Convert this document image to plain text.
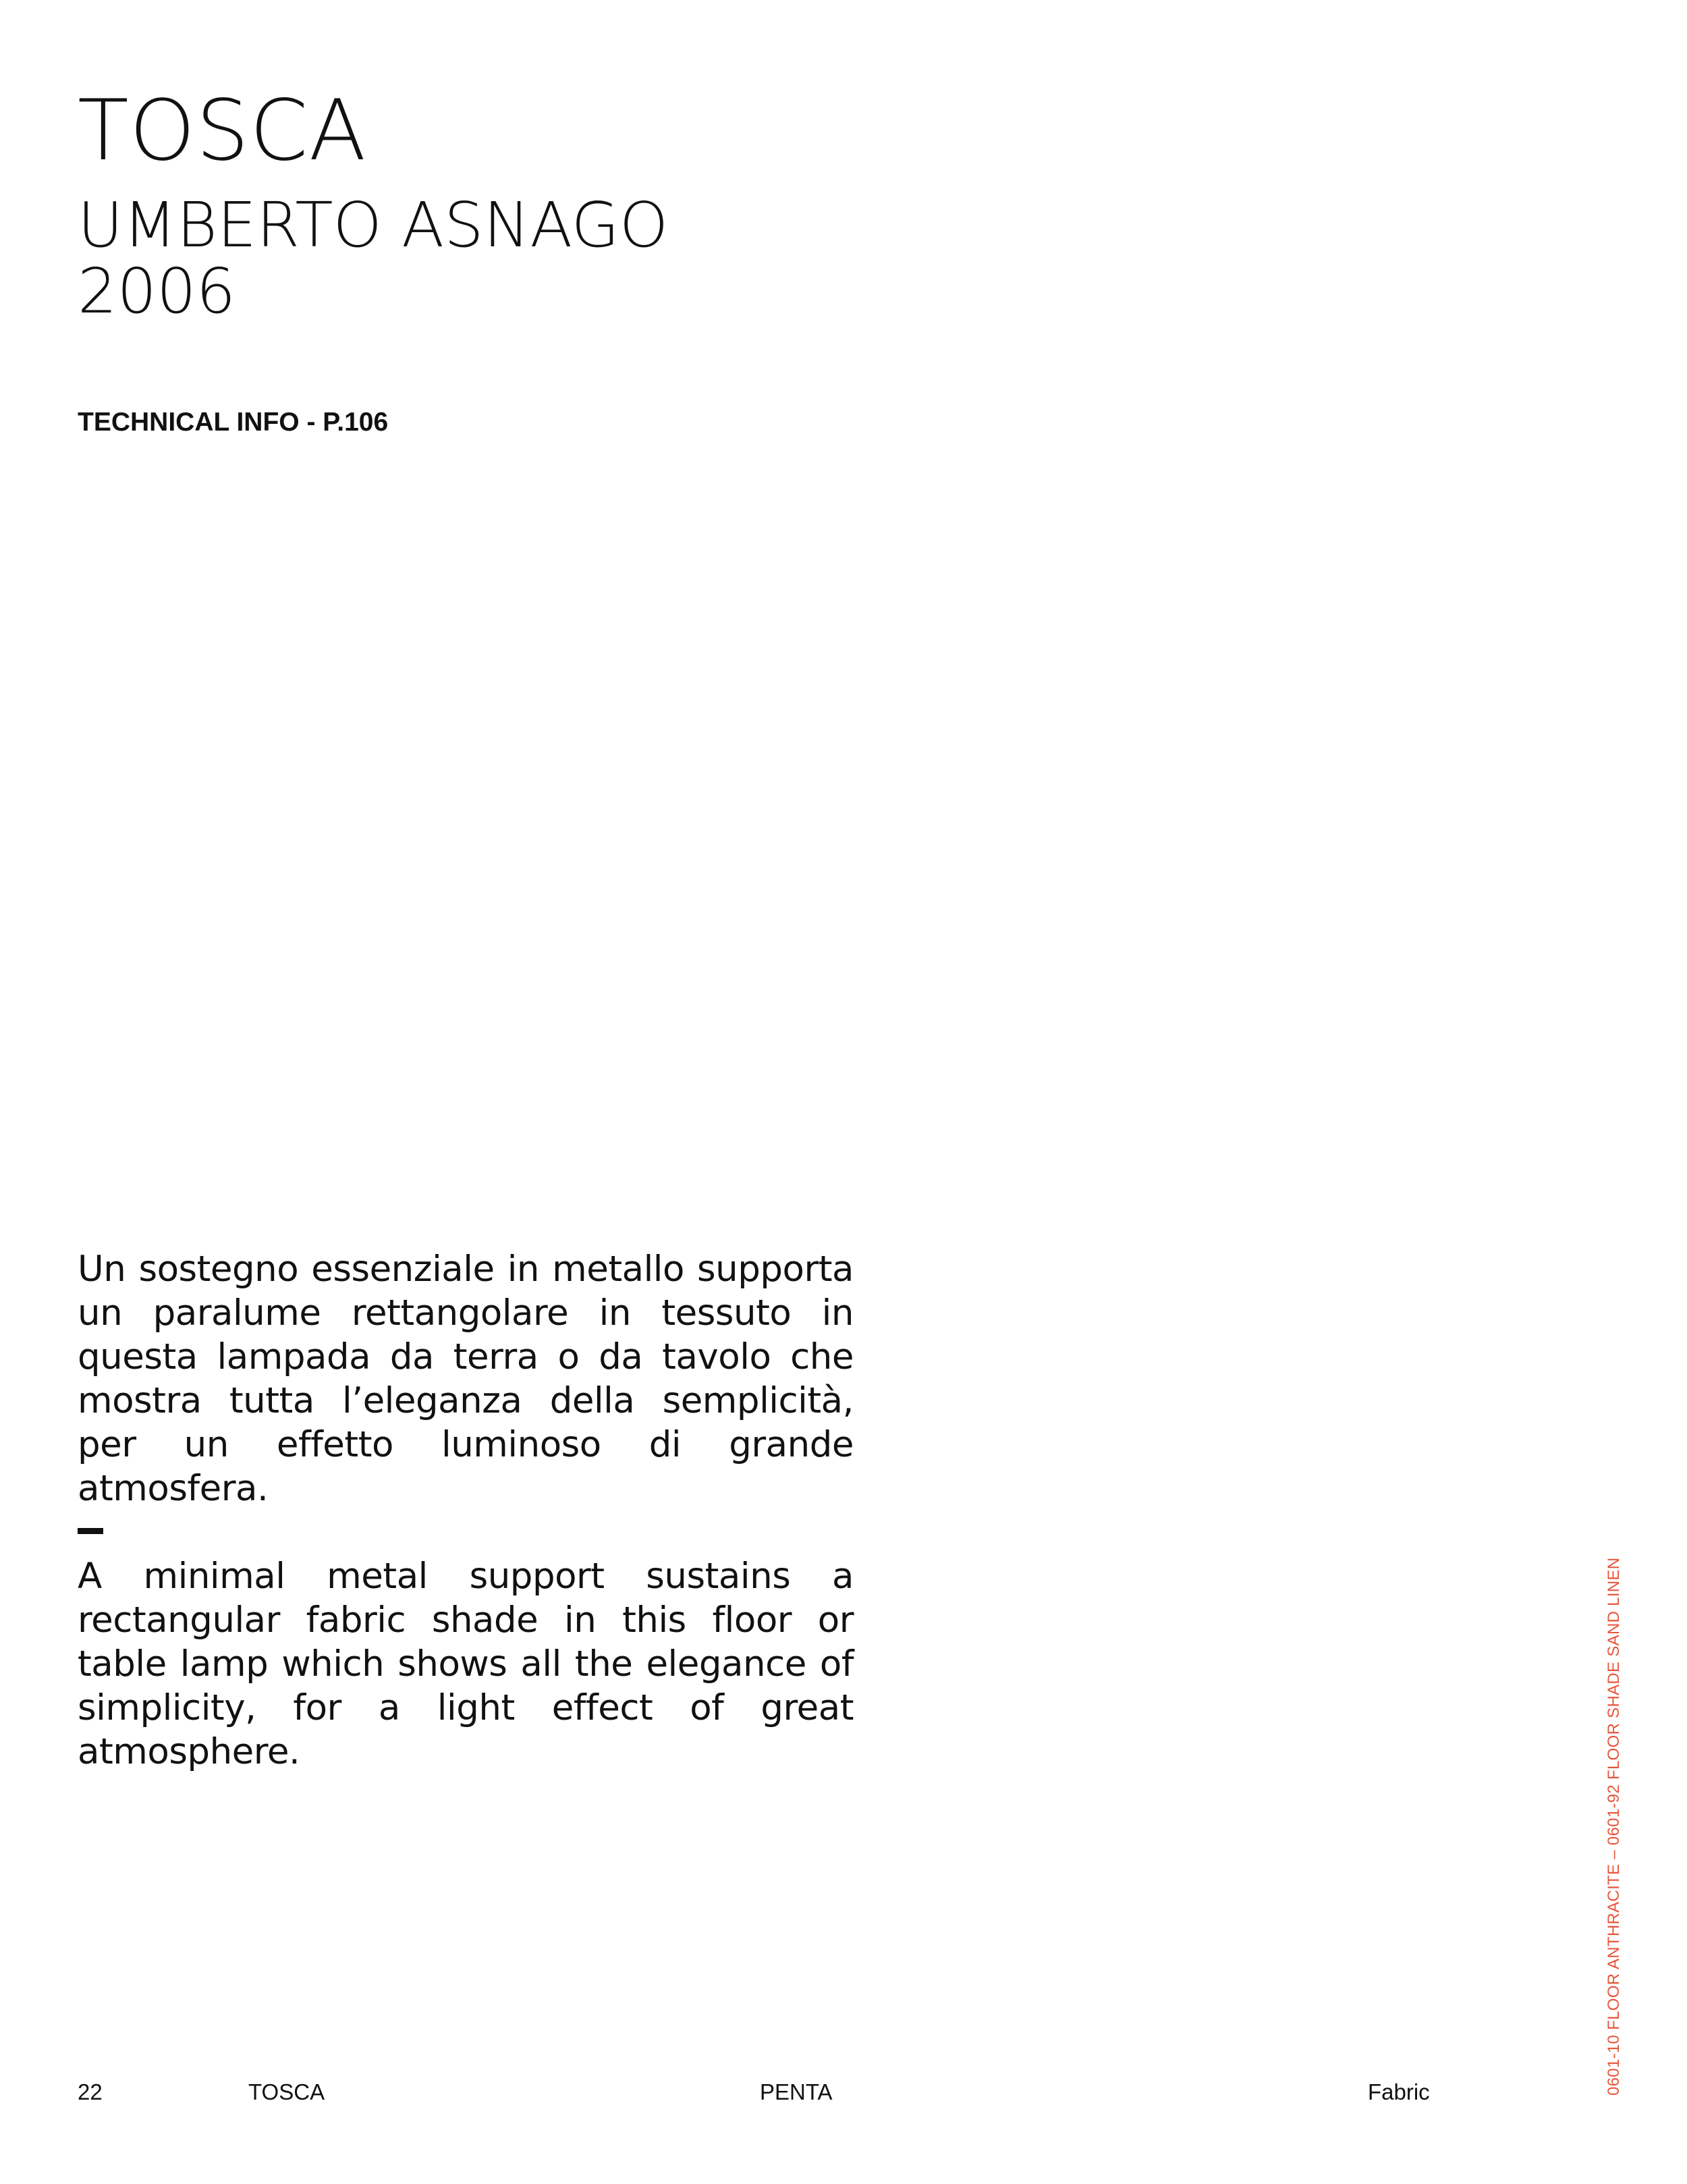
TOSCA
UMBERTO ASNAGO
2006
TECHNICAL INFO - P.106

Un sostegno essenziale in metallo supporta un paralume rettangolare in tessuto in questa lampada da terra o da tavolo che mostra tutta l’eleganza della semplicità, per un effetto luminoso di grande atmosfera.

A minimal metal support sustains a rectangular fabric shade in this floor or table lamp which shows all the elegance of simplicity, for a light effect of great atmosphere.

22	TOSCA	PENTA	Fabric	0601-10 FLOOR ANTHRACITE – 0601-92 FLOOR SHADE SAND LINEN
